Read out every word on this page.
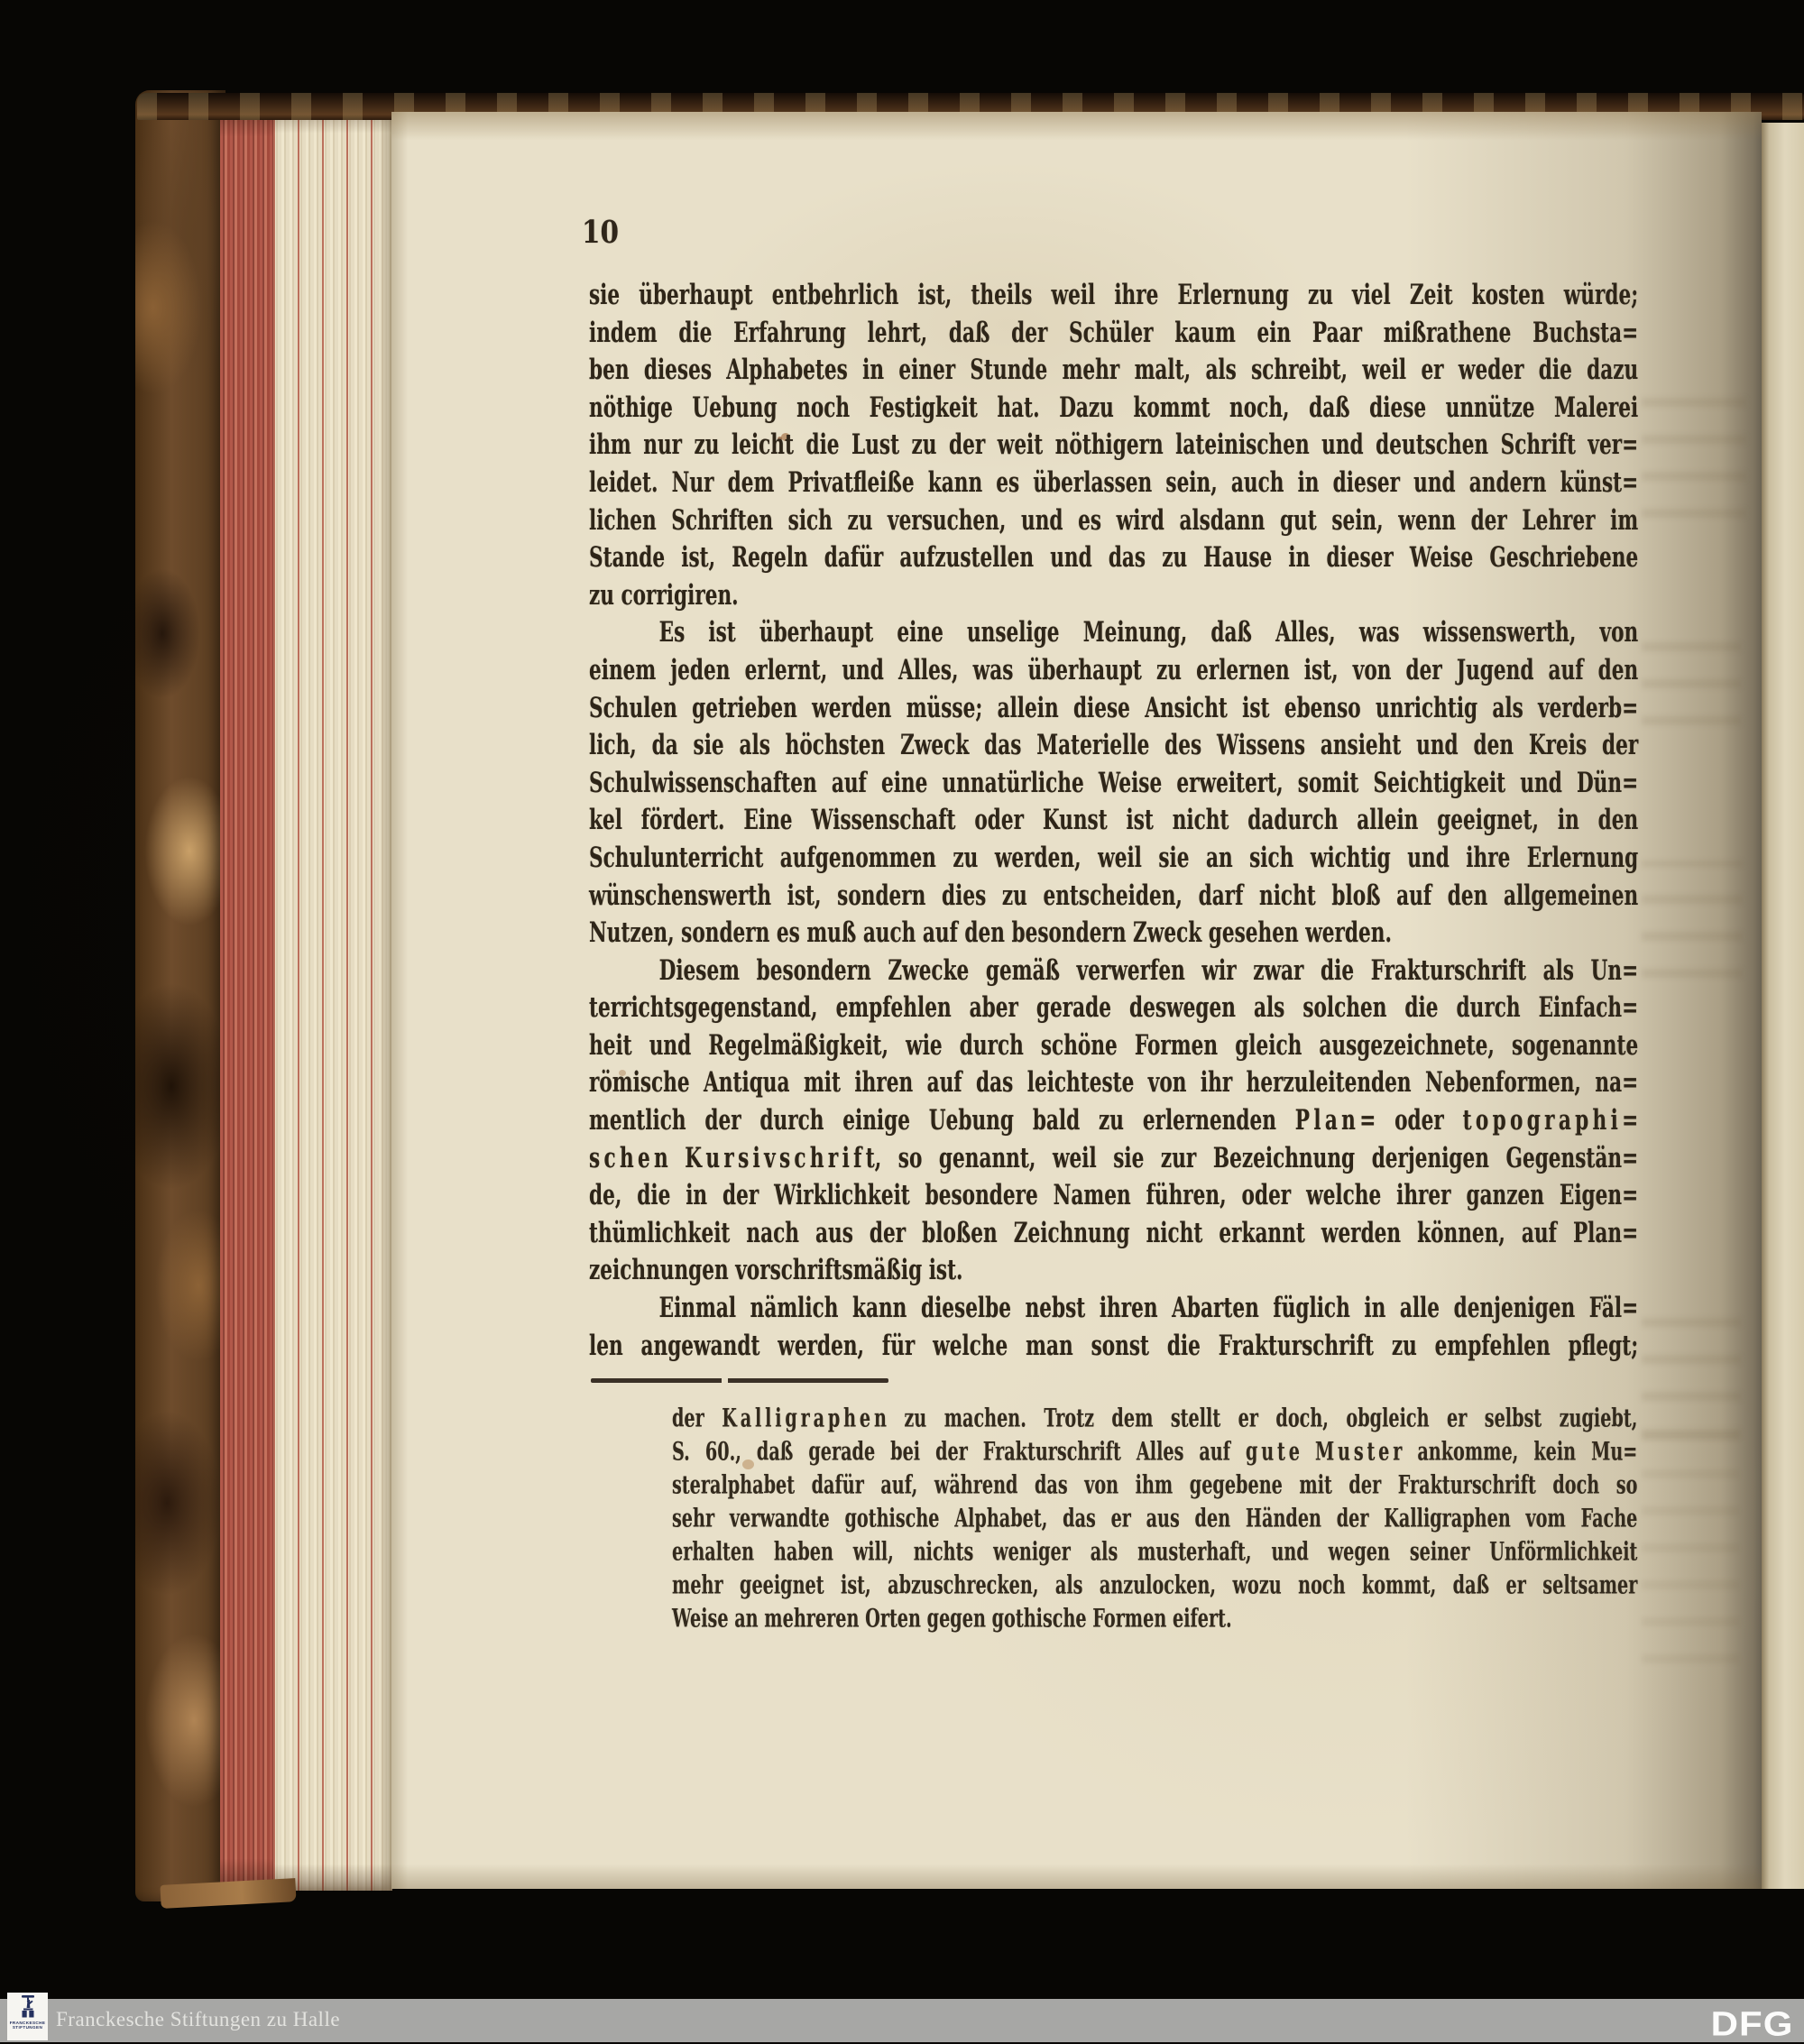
10
sie überhaupt entbehrlich ist, theils weil ihre Erlernung zu viel Zeit kosten würde;
indem die Erfahrung lehrt, daß der Schüler kaum ein Paar mißrathene Buchsta=
ben dieses Alphabetes in einer Stunde mehr malt, als schreibt, weil er weder die dazu
nöthige Uebung noch Festigkeit hat. Dazu kommt noch, daß diese unnütze Malerei
ihm nur zu leicht die Lust zu der weit nöthigern lateinischen und deutschen Schrift ver=
leidet. Nur dem Privatfleiße kann es überlassen sein, auch in dieser und andern künst=
lichen Schriften sich zu versuchen, und es wird alsdann gut sein, wenn der Lehrer im
Stande ist, Regeln dafür aufzustellen und das zu Hause in dieser Weise Geschriebene
zu corrigiren.
Es ist überhaupt eine unselige Meinung, daß Alles, was wissenswerth, von
einem jeden erlernt, und Alles, was überhaupt zu erlernen ist, von der Jugend auf den
Schulen getrieben werden müsse; allein diese Ansicht ist ebenso unrichtig als verderb=
lich, da sie als höchsten Zweck das Materielle des Wissens ansieht und den Kreis der
Schulwissenschaften auf eine unnatürliche Weise erweitert, somit Seichtigkeit und Dün=
kel fördert. Eine Wissenschaft oder Kunst ist nicht dadurch allein geeignet, in den
Schulunterricht aufgenommen zu werden, weil sie an sich wichtig und ihre Erlernung
wünschenswerth ist, sondern dies zu entscheiden, darf nicht bloß auf den allgemeinen
Nutzen, sondern es muß auch auf den besondern Zweck gesehen werden.
Diesem besondern Zwecke gemäß verwerfen wir zwar die Frakturschrift als Un=
terrichtsgegenstand, empfehlen aber gerade deswegen als solchen die durch Einfach=
heit und Regelmäßigkeit, wie durch schöne Formen gleich ausgezeichnete, sogenannte
römische Antiqua mit ihren auf das leichteste von ihr herzuleitenden Nebenformen, na=
mentlich der durch einige Uebung bald zu erlernenden P l a n = oder t o p o g r a p h i =
s c h e n K u r s i v s c h r i f t, so genannt, weil sie zur Bezeichnung derjenigen Gegenstän=
de, die in der Wirklichkeit besondere Namen führen, oder welche ihrer ganzen Eigen=
thümlichkeit nach aus der bloßen Zeichnung nicht erkannt werden können, auf Plan=
zeichnungen vorschriftsmäßig ist.
Einmal nämlich kann dieselbe nebst ihren Abarten füglich in alle denjenigen Fäl=
len angewandt werden, für welche man sonst die Frakturschrift zu empfehlen pflegt;
der K a l l i g r a p h e n zu machen. Trotz dem stellt er doch, obgleich er selbst zugiebt,
S. 60., daß gerade bei der Frakturschrift Alles auf g u t e M u s t e r ankomme, kein Mu=
steralphabet dafür auf, während das von ihm gegebene mit der Frakturschrift doch so
sehr verwandte gothische Alphabet, das er aus den Händen der Kalligraphen vom Fache
erhalten haben will, nichts weniger als musterhaft, und wegen seiner Unförmlichkeit
mehr geeignet ist, abzuschrecken, als anzulocken, wozu noch kommt, daß er seltsamer
Weise an mehreren Orten gegen gothische Formen eifert.
FRANCKESCHE
STIFTUNGEN Franckesche Stiftungen zu Halle	DFG
